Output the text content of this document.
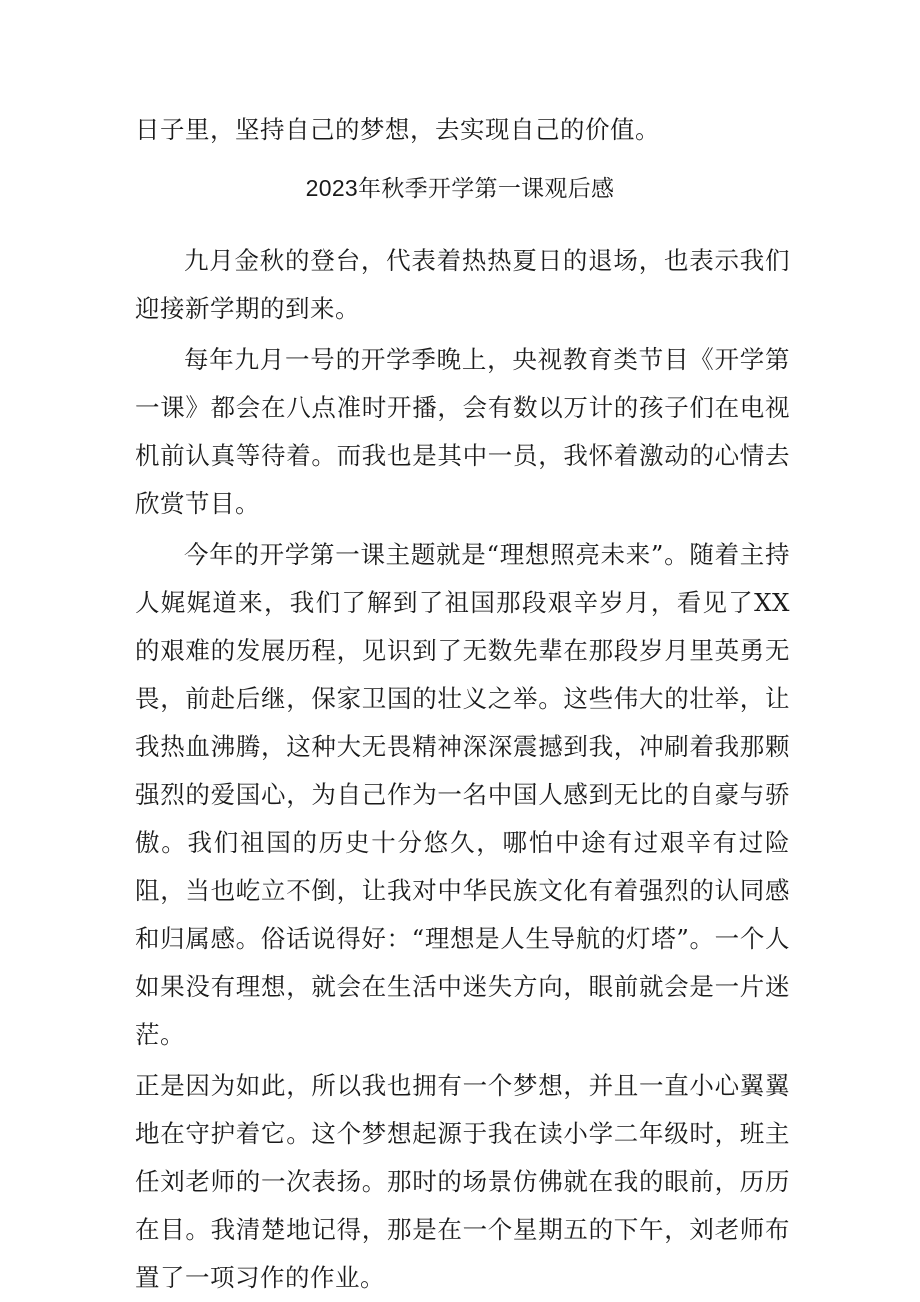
日子里，坚持自己的梦想，去实现自己的价值。

2023年秋季开学第一课观后感

九月金秋的登台，代表着热热夏日的退场，也表示我们迎接新学期的到来。

每年九月一号的开学季晚上，央视教育类节目《开学第一课》都会在八点准时开播，会有数以万计的孩子们在电视机前认真等待着。而我也是其中一员，我怀着激动的心情去欣赏节目。

今年的开学第一课主题就是“理想照亮未来”。随着主持人娓娓道来，我们了解到了祖国那段艰辛岁月，看见了XX的艰难的发展历程，见识到了无数先辈在那段岁月里英勇无畏，前赴后继，保家卫国的壮义之举。这些伟大的壮举，让我热血沸腾，这种大无畏精神深深震撼到我，冲刷着我那颗强烈的爱国心，为自己作为一名中国人感到无比的自豪与骄傲。我们祖国的历史十分悠久，哪怕中途有过艰辛有过险阻，当也屹立不倒，让我对中华民族文化有着强烈的认同感和归属感。俗话说得好：“理想是人生导航的灯塔”。一个人如果没有理想，就会在生活中迷失方向，眼前就会是一片迷茫。

正是因为如此，所以我也拥有一个梦想，并且一直小心翼翼地在守护着它。这个梦想起源于我在读小学二年级时，班主任刘老师的一次表扬。那时的场景仿佛就在我的眼前，历历在目。我清楚地记得，那是在一个星期五的下午，刘老师布置了一项习作的作业。
